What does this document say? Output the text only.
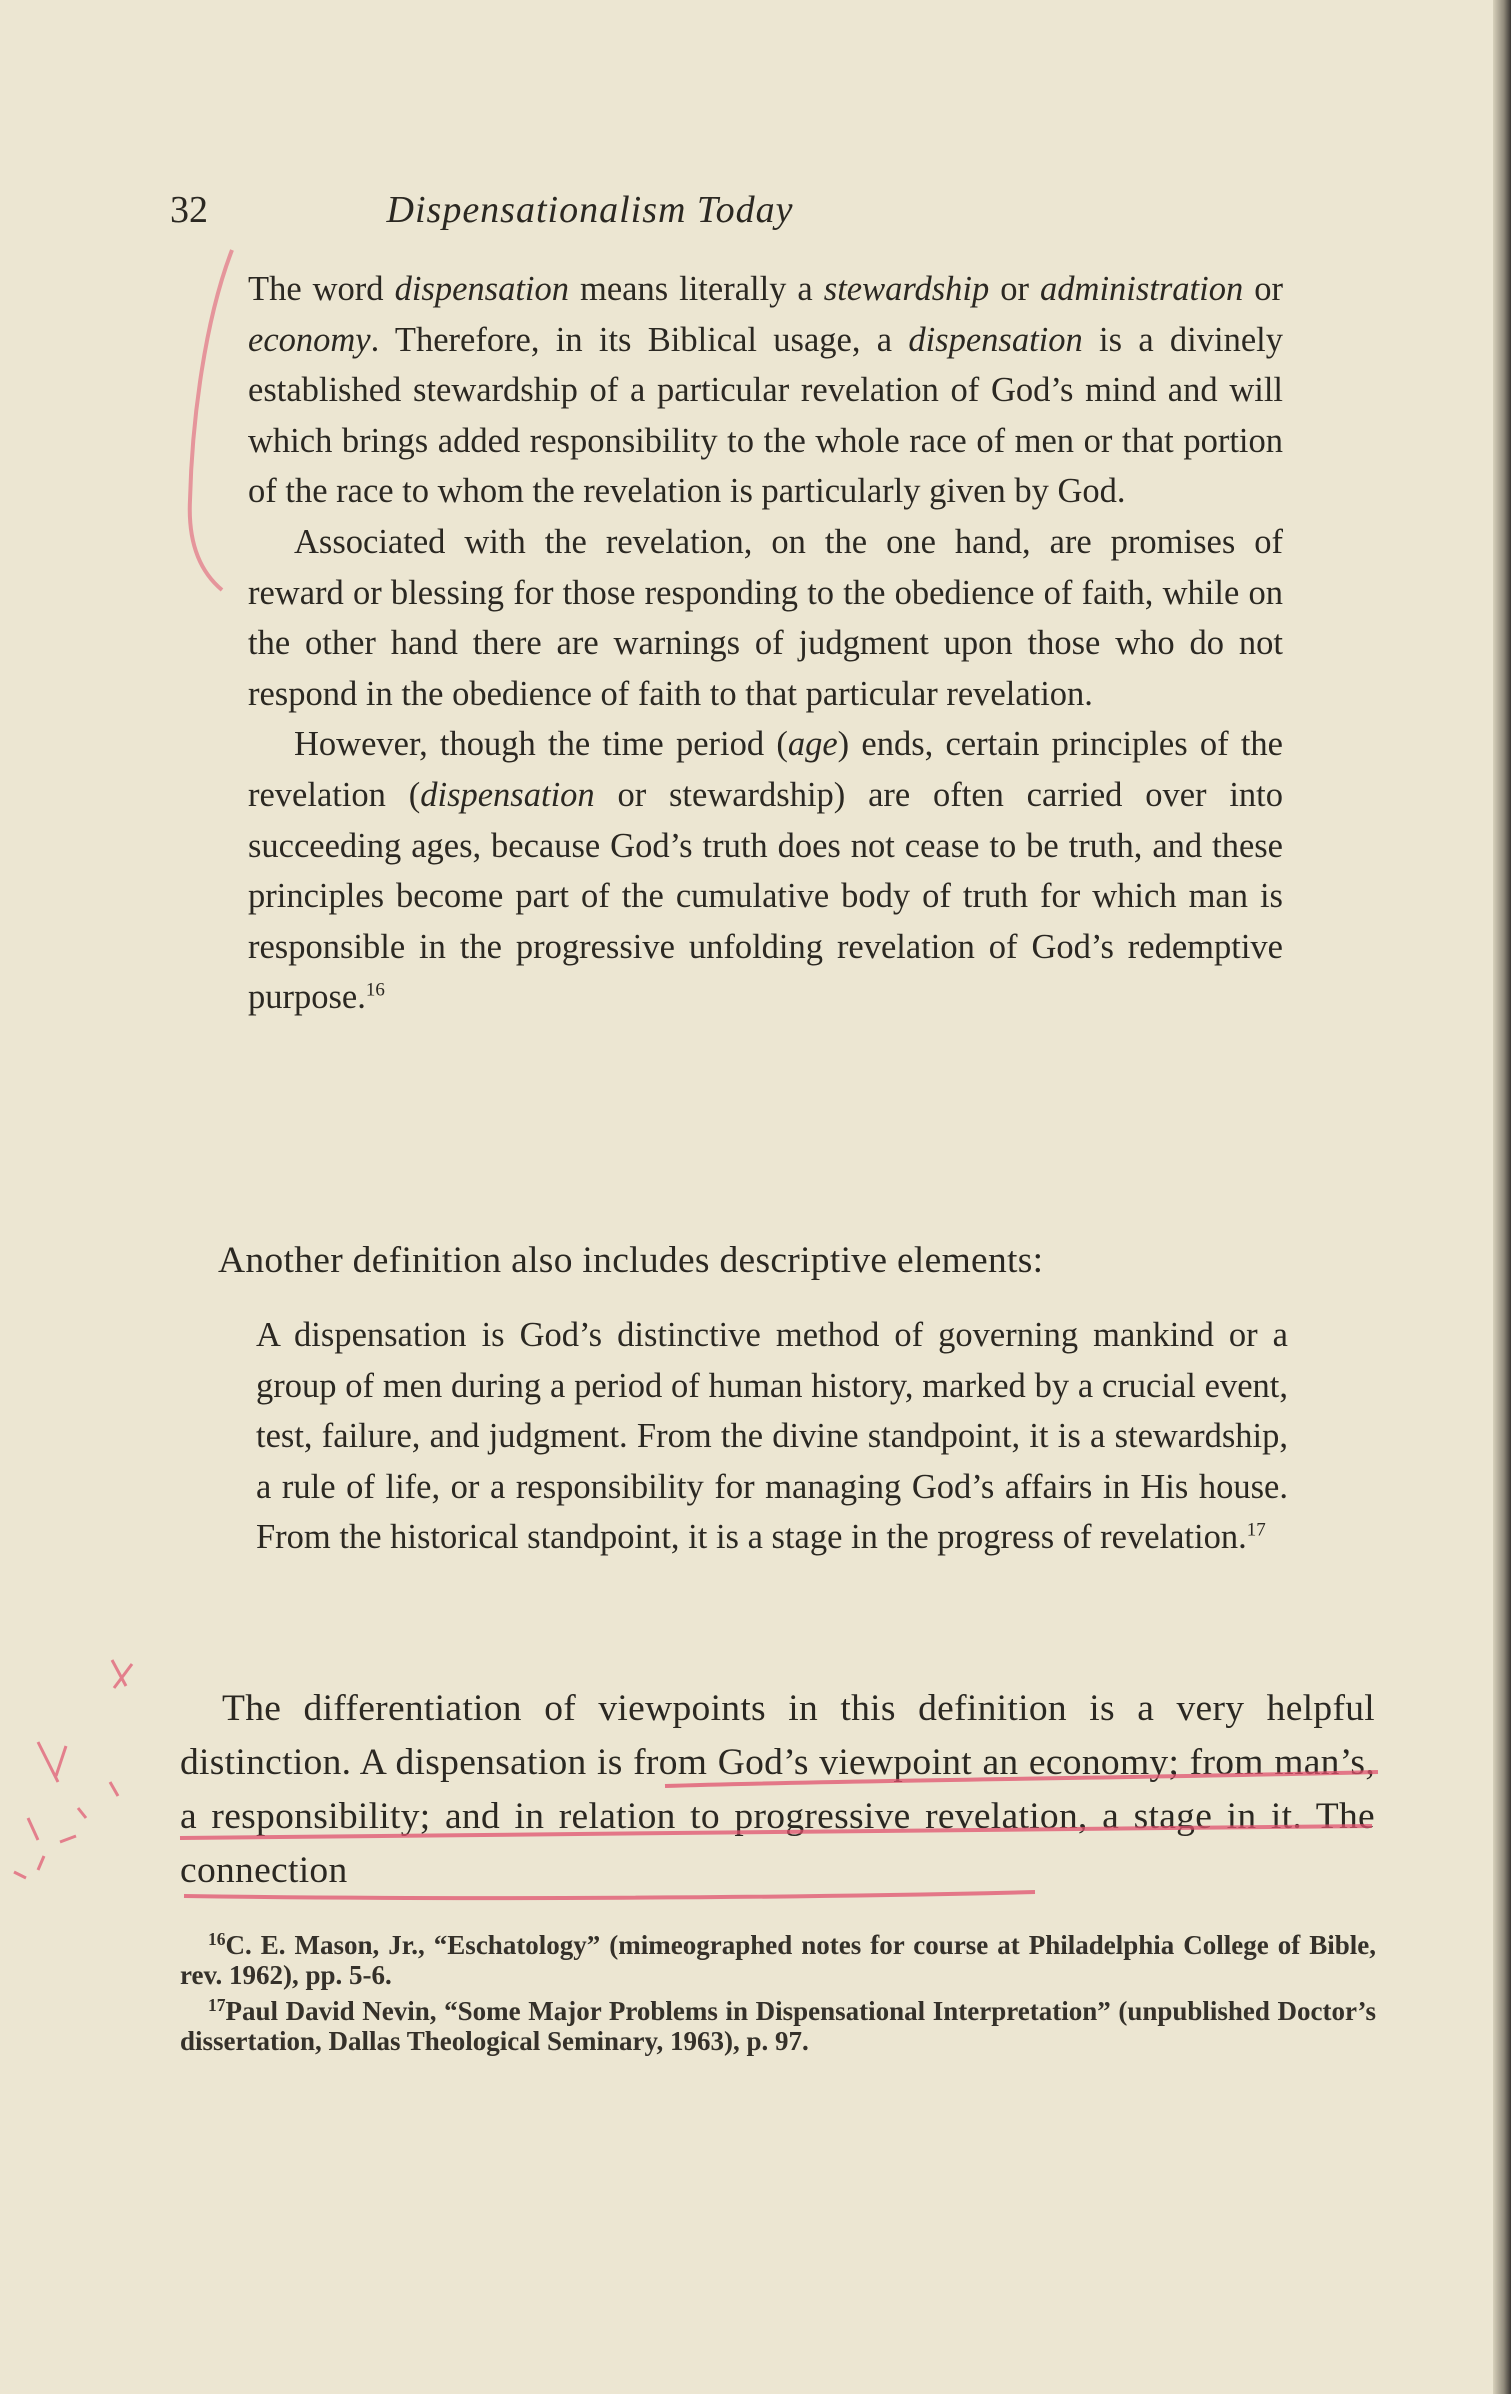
32	Dispensationalism Today

The word dispensation means literally a stewardship or administration or economy. Therefore, in its Biblical usage, a dispensation is a divinely established stewardship of a particular revelation of God’s mind and will which brings added responsibility to the whole race of men or that portion of the race to whom the revelation is particularly given by God.

Associated with the revelation, on the one hand, are promises of reward or blessing for those responding to the obedience of faith, while on the other hand there are warnings of judgment upon those who do not respond in the obedience of faith to that particular revelation.

However, though the time period (age) ends, certain principles of the revelation (dispensation or stewardship) are often carried over into succeeding ages, because God’s truth does not cease to be truth, and these principles become part of the cumulative body of truth for which man is responsible in the progressive unfolding revelation of God’s redemptive purpose.$^{16}$

Another definition also includes descriptive elements:

A dispensation is God’s distinctive method of governing mankind or a group of men during a period of human history, marked by a crucial event, test, failure, and judgment. From the divine standpoint, it is a stewardship, a rule of life, or a responsibility for managing God’s affairs in His house. From the historical standpoint, it is a stage in the progress of revelation.$^{17}$

The differentiation of viewpoints in this definition is a very helpful distinction. A dispensation is from God’s viewpoint an economy; from man’s, a responsibility; and in relation to progressive revelation, a stage in it. The connection

$^{16}$C. E. Mason, Jr., “Eschatology” (mimeographed notes for course at Philadelphia College of Bible, rev. 1962), pp. 5-6.

$^{17}$Paul David Nevin, “Some Major Problems in Dispensational Interpretation” (unpublished Doctor’s dissertation, Dallas Theological Seminary, 1963), p. 97.
